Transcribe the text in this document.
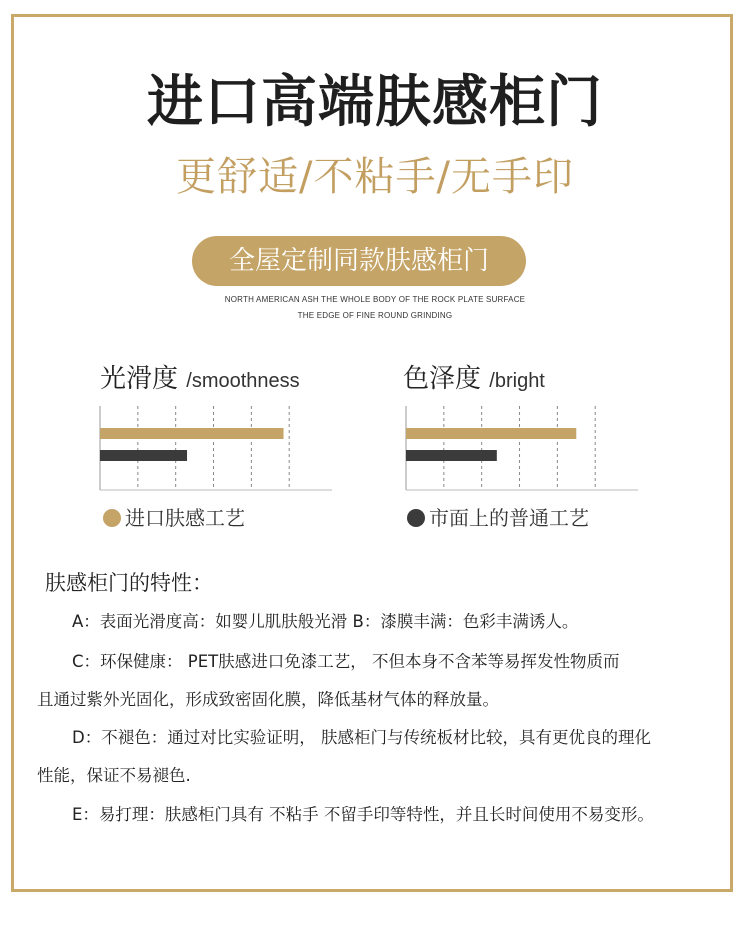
进口高端肤感柜门
更舒适/不粘手/无手印
全屋定制同款肤感柜门
NORTH AMERICAN ASH THE WHOLE BODY OF THE ROCK PLATE SURFACE
THE EDGE OF FINE ROUND GRINDING
光滑度 /smoothness	色泽度 /bright
进口肤感工艺	市面上的普通工艺
肤感柜门的特性：
A：表面光滑度高：如婴儿肌肤般光滑 B：漆膜丰满：色彩丰满诱人。
C：环保健康： PET肤感进口免漆工艺， 不但本身不含苯等易挥发性物质而
且通过紫外光固化，形成致密固化膜，降低基材气体的释放量。
D：不褪色：通过对比实验证明， 肤感柜门与传统板材比较，具有更优良的理化
性能，保证不易褪色.
E：易打理：肤感柜门具有 不粘手 不留手印等特性，并且长时间使用不易变形。
